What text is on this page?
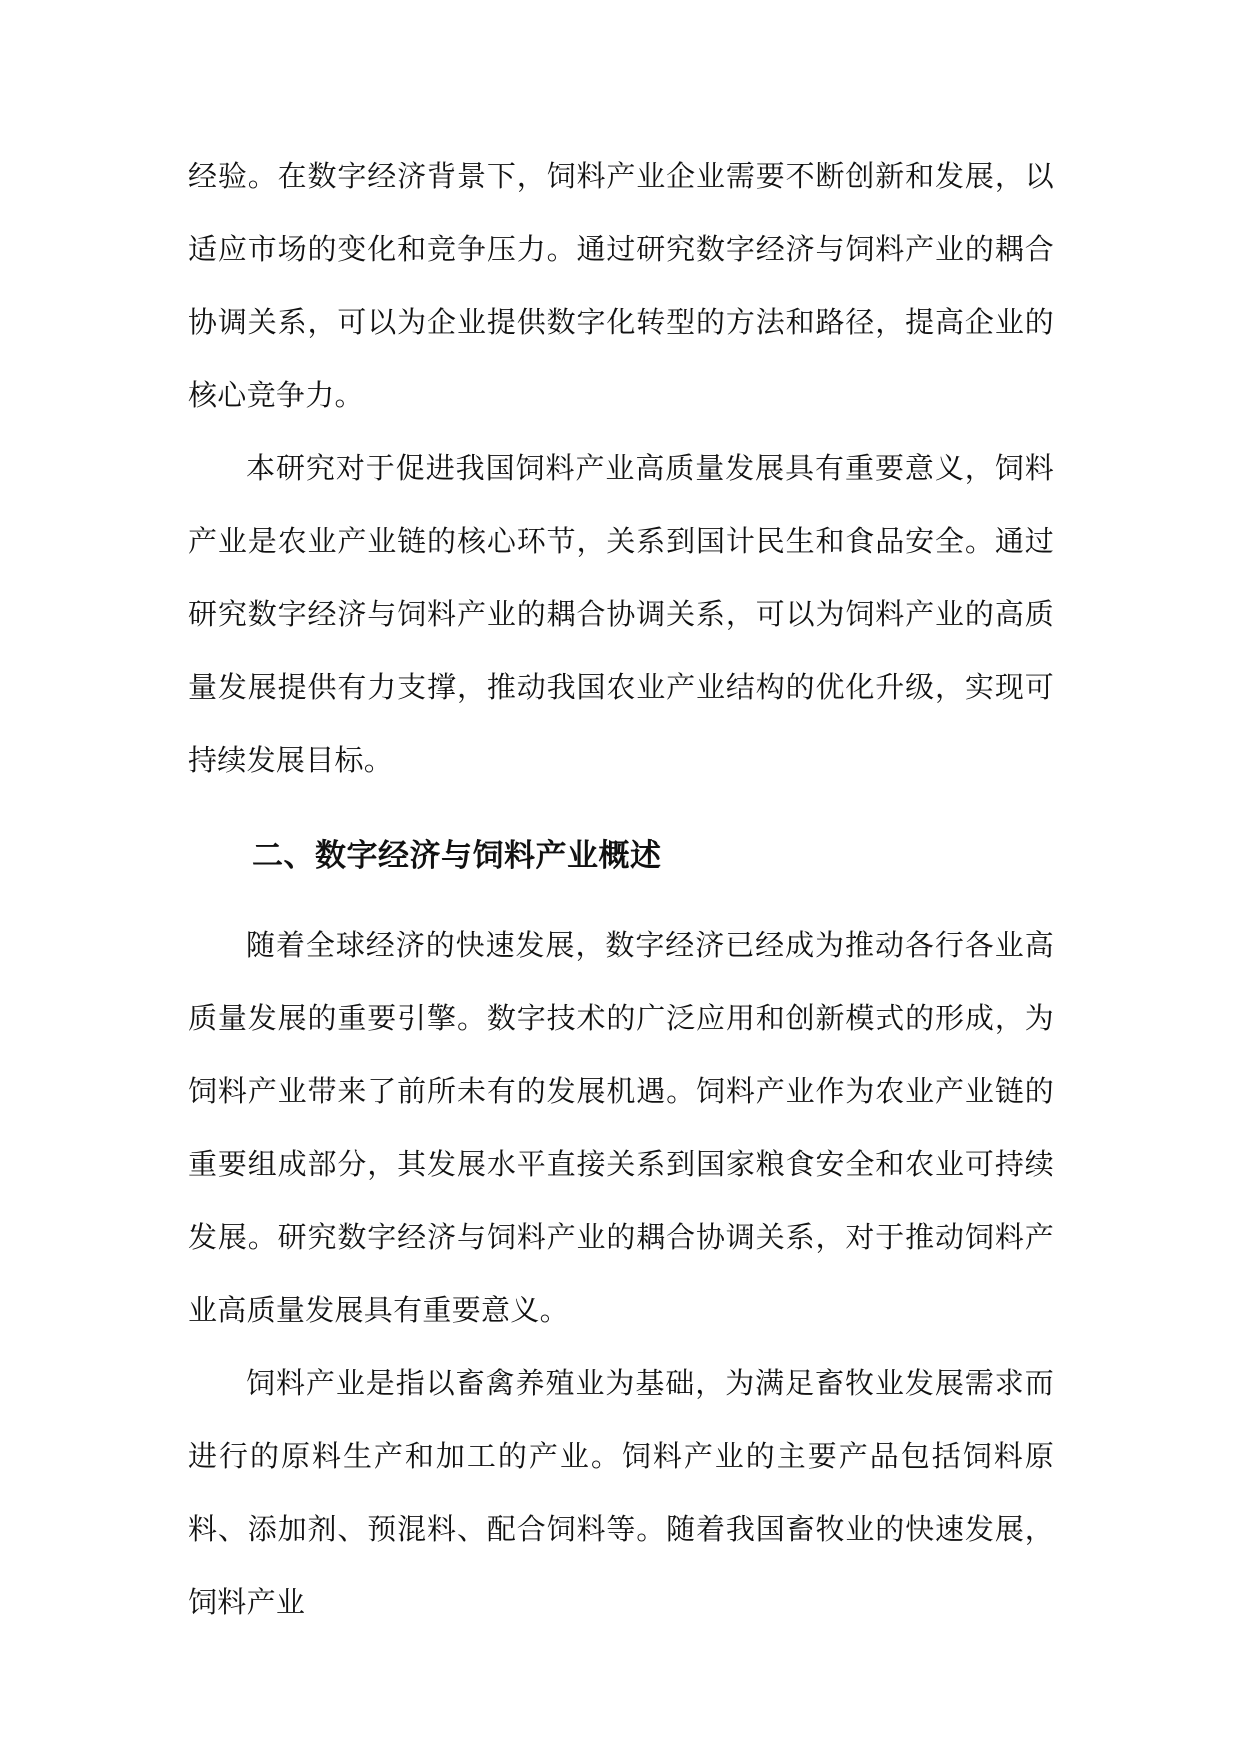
经验。在数字经济背景下，饲料产业企业需要不断创新和发展，以适应市场的变化和竞争压力。通过研究数字经济与饲料产业的耦合协调关系，可以为企业提供数字化转型的方法和路径，提高企业的核心竞争力。

本研究对于促进我国饲料产业高质量发展具有重要意义，饲料产业是农业产业链的核心环节，关系到国计民生和食品安全。通过研究数字经济与饲料产业的耦合协调关系，可以为饲料产业的高质量发展提供有力支撑，推动我国农业产业结构的优化升级，实现可持续发展目标。

二、数字经济与饲料产业概述

随着全球经济的快速发展，数字经济已经成为推动各行各业高质量发展的重要引擎。数字技术的广泛应用和创新模式的形成，为饲料产业带来了前所未有的发展机遇。饲料产业作为农业产业链的重要组成部分，其发展水平直接关系到国家粮食安全和农业可持续发展。研究数字经济与饲料产业的耦合协调关系，对于推动饲料产业高质量发展具有重要意义。

饲料产业是指以畜禽养殖业为基础，为满足畜牧业发展需求而进行的原料生产和加工的产业。饲料产业的主要产品包括饲料原料、添加剂、预混料、配合饲料等。随着我国畜牧业的快速发展，饲料产业
